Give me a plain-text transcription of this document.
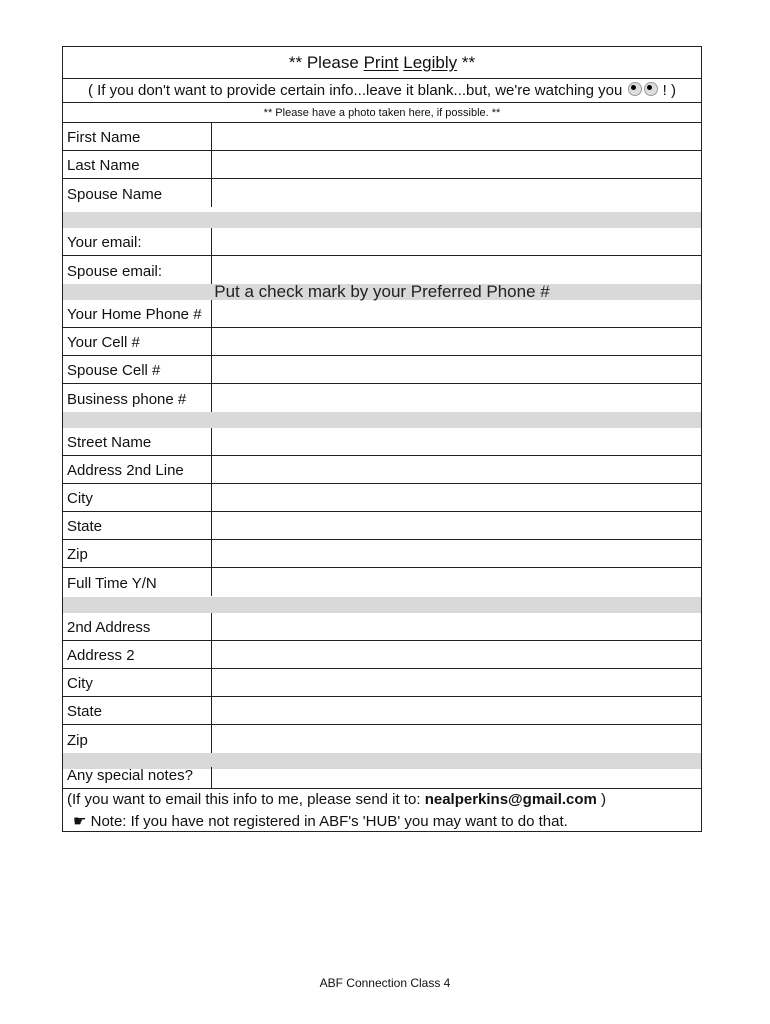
** Please Print Legibly **
( If you don't want to provide certain info...leave it blank...but, we're watching you	! )
** Please have a photo taken here, if possible. **
First Name
Last Name
Spouse Name
Your email:
Spouse email:
Put a check mark by your Preferred Phone #
Your Home Phone #
Your Cell #
Spouse Cell #
Business phone #
Street Name
Address 2nd Line
City
State
Zip
Full Time Y/N
2nd Address
Address 2
City
State
Zip
Any special notes?
(If you want to email this info to me, please send it to: nealperkins@gmail.com )
☛ Note: If you have not registered in ABF's 'HUB' you may want to do that.
ABF Connection Class 4
